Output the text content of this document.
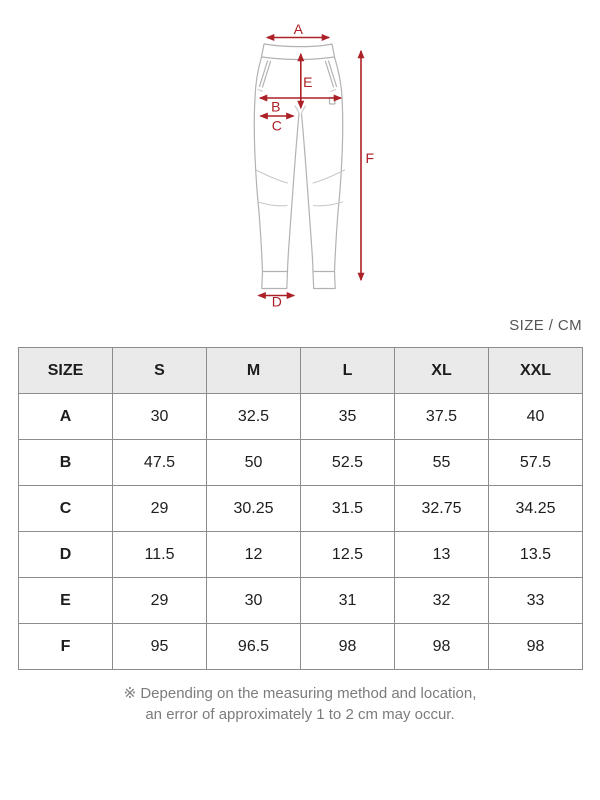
A
E
B
C
F
D
SIZE / CM
SIZE	S	M	L	XL	XXL
A	30	32.5	35	37.5	40
B	47.5	50	52.5	55	57.5
C	29	30.25	31.5	32.75	34.25
D	11.5	12	12.5	13	13.5
E	29	30	31	32	33
F	95	96.5	98	98	98
※ Depending on the measuring method and location,
an error of approximately 1 to 2 cm may occur.
